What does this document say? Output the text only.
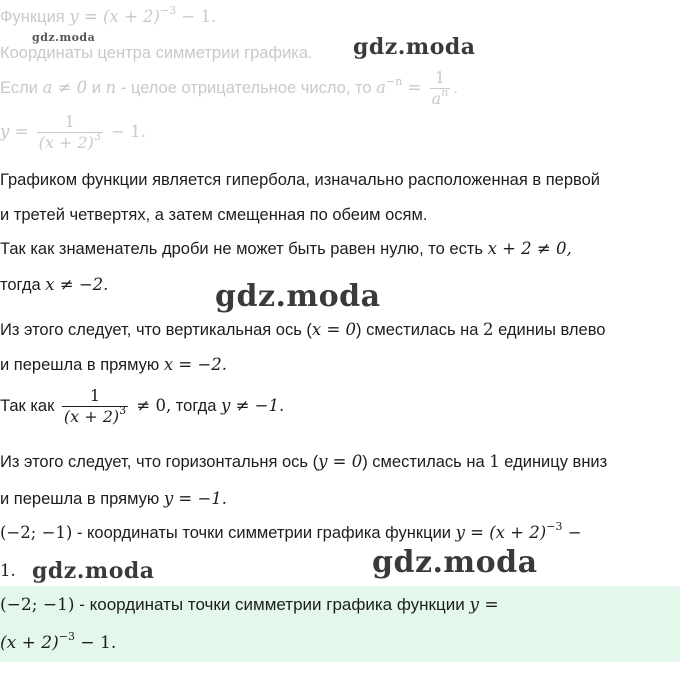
Функция $y = (x + 2)^{-3} - 1$.
gdz.moda
Координаты центра симметрии графика. gdz.moda
Если a ≠ 0 и n - целое отрицательное число, то $a^{-n} = \frac{1}{a^n}$ .
$y = \frac{1}{(x + 2)^3} - 1$.
Графиком функции является гипербола, изначально расположенная в первой
и третей четвертях, а затем смещенная по обеим осям.
Так как знаменатель дроби не может быть равен нулю, то есть x + 2 ≠ 0,
тогда x ≠ −2.	gdz.moda
Из этого следует, что вертикальная ось (x = 0) сместилась на 2 единиы влево
и перешла в прямую x = −2.
Так как $\frac{1}{(x + 2)^3} \ne 0$, тогда y ≠ −1.
Из этого следует, что горизонтальня ось (y = 0) сместилась на 1 единицу вниз
и перешла в прямую y = −1.
(−2; −1) - координаты точки симметрии графика функции $y = (x + 2)^{-3}$ −
1. gdz.moda	gdz.moda
(−2; −1) - координаты точки симметрии графика функции y =
$(x + 2)^{-3} - 1$.
